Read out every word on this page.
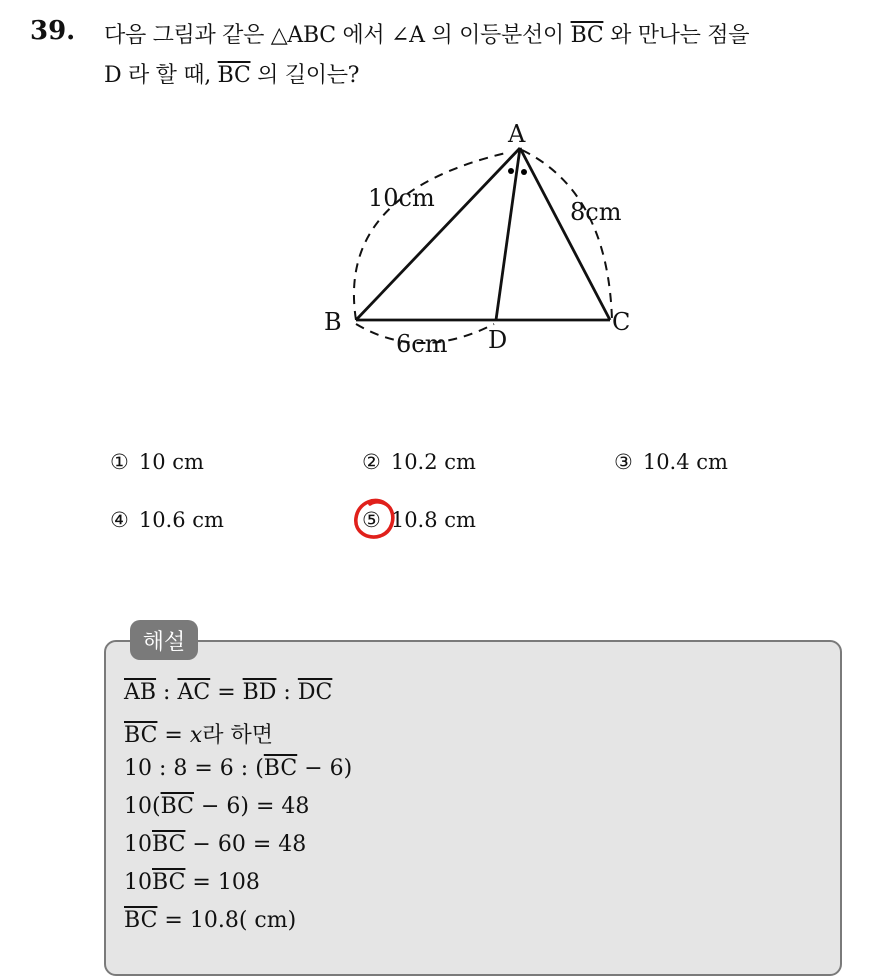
39. 다음 그림과 같은 △ABC 에서 ∠A 의 이등분선이 $\overline{BC}$ 와 만나는 점을
D 라 할 때, $\overline{BC}$ 의 길이는?
A
B	C
D
10cm	8cm
6cm
① 10 cm	② 10.2 cm	③ 10.4 cm
④ 10.6 cm	⑤ 10.8 cm
해설
$\overline{AB}$ : $\overline{AC} = \overline{BD}$ : $\overline{DC}$
$\overline{BC} = x$라 하면
10 : 8 = 6 : $(\overline{BC} - 6)$
$10(\overline{BC} - 6) = 48$
$10\overline{BC} - 60 = 48$
$10\overline{BC} = 108$
$\overline{BC} = 10.8$( cm)
